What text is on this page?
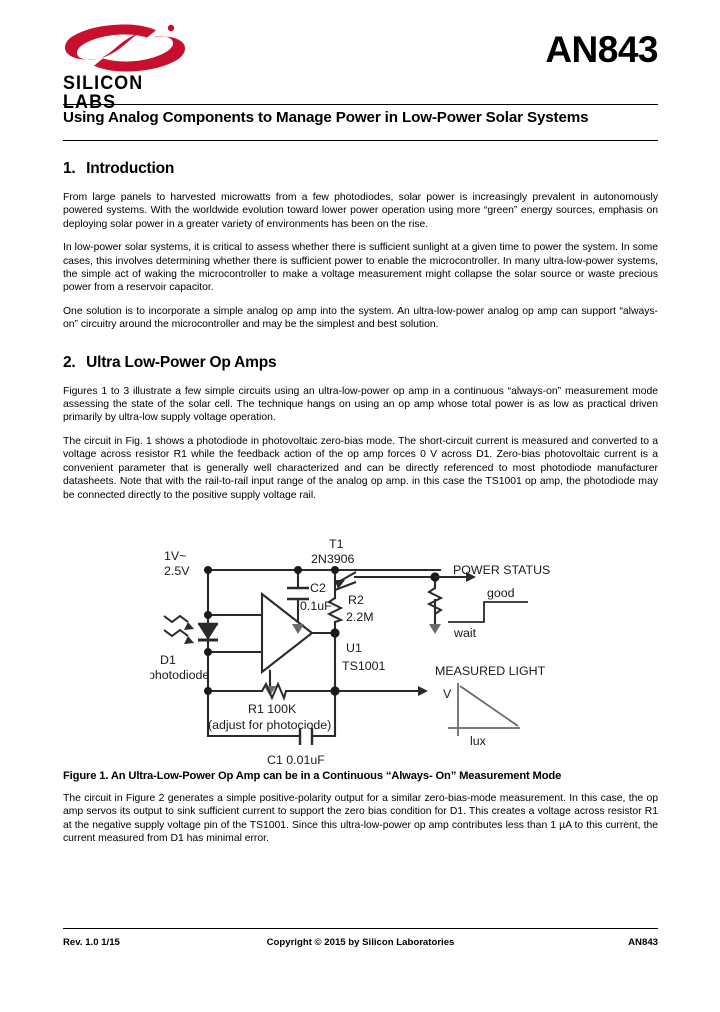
SILICON LABS
AN843
Using Analog Components to Manage Power in Low-Power Solar Systems
1. Introduction

From large panels to harvested microwatts from a few photodiodes, solar power is increasingly prevalent in autonomously powered systems. With the worldwide evolution toward lower power operation using more “green” energy sources, emphasis on deploying solar power in a greater variety of environments has been on the rise.

In low-power solar systems, it is critical to assess whether there is sufficient sunlight at a given time to power the system. In some cases, this involves determining whether there is sufficient power to enable the microcontroller. In many ultra-low-power systems, the simple act of waking the microcontroller to make a voltage measurement might collapse the solar source or waste precious power from a reservoir capacitor.

One solution is to incorporate a simple analog op amp into the system. An ultra-low-power analog op amp can support “always-on” circuitry around the microcontroller and may be the simplest and best solution.

2. Ultra Low-Power Op Amps

Figures 1 to 3 illustrate a few simple circuits using an ultra-low-power op amp in a continuous “always-on” measurement mode assessing the state of the solar cell. The technique hangs on using an op amp whose total power is as low as practical driven primarily by ultra-low supply voltage operation.

The circuit in Fig. 1 shows a photodiode in photovoltaic zero-bias mode. The short-circuit current is measured and converted to a voltage across resistor R1 while the feedback action of the op amp forces 0 V across D1. Zero-bias photovoltaic current is a convenient parameter that is generally well characterized and can be directly referenced to most photodiode manufacturer datasheets. Note that with the rail-to-rail input range of the analog op amp. in this case the TS1001 op amp, the photodiode may be connected directly to the positive supply voltage rail.

1V~
2.5V
D1
photodiode
C2
0.1uF
T1
2N3906
R2
2.2M
U1
TS1001
R1 100K
(adjust for photociode)
C1 0.01uF
POWER STATUS
good
wait
MEASURED LIGHT
V
lux
Figure 1. An Ultra-Low-Power Op Amp can be in a Continuous “Always- On” Measurement Mode

The circuit in Figure 2 generates a simple positive-polarity output for a similar zero-bias-mode measurement. In this case, the op amp servos its output to sink sufficient current to support the zero bias condition for D1. This creates a voltage across resistor R1 at the negative supply voltage pin of the TS1001. Since this ultra-low-power op amp contributes less than 1 µA to this current, the current measured from D1 has minimal error.

Rev. 1.0 1/15	Copyright © 2015 by Silicon Laboratories	AN843
